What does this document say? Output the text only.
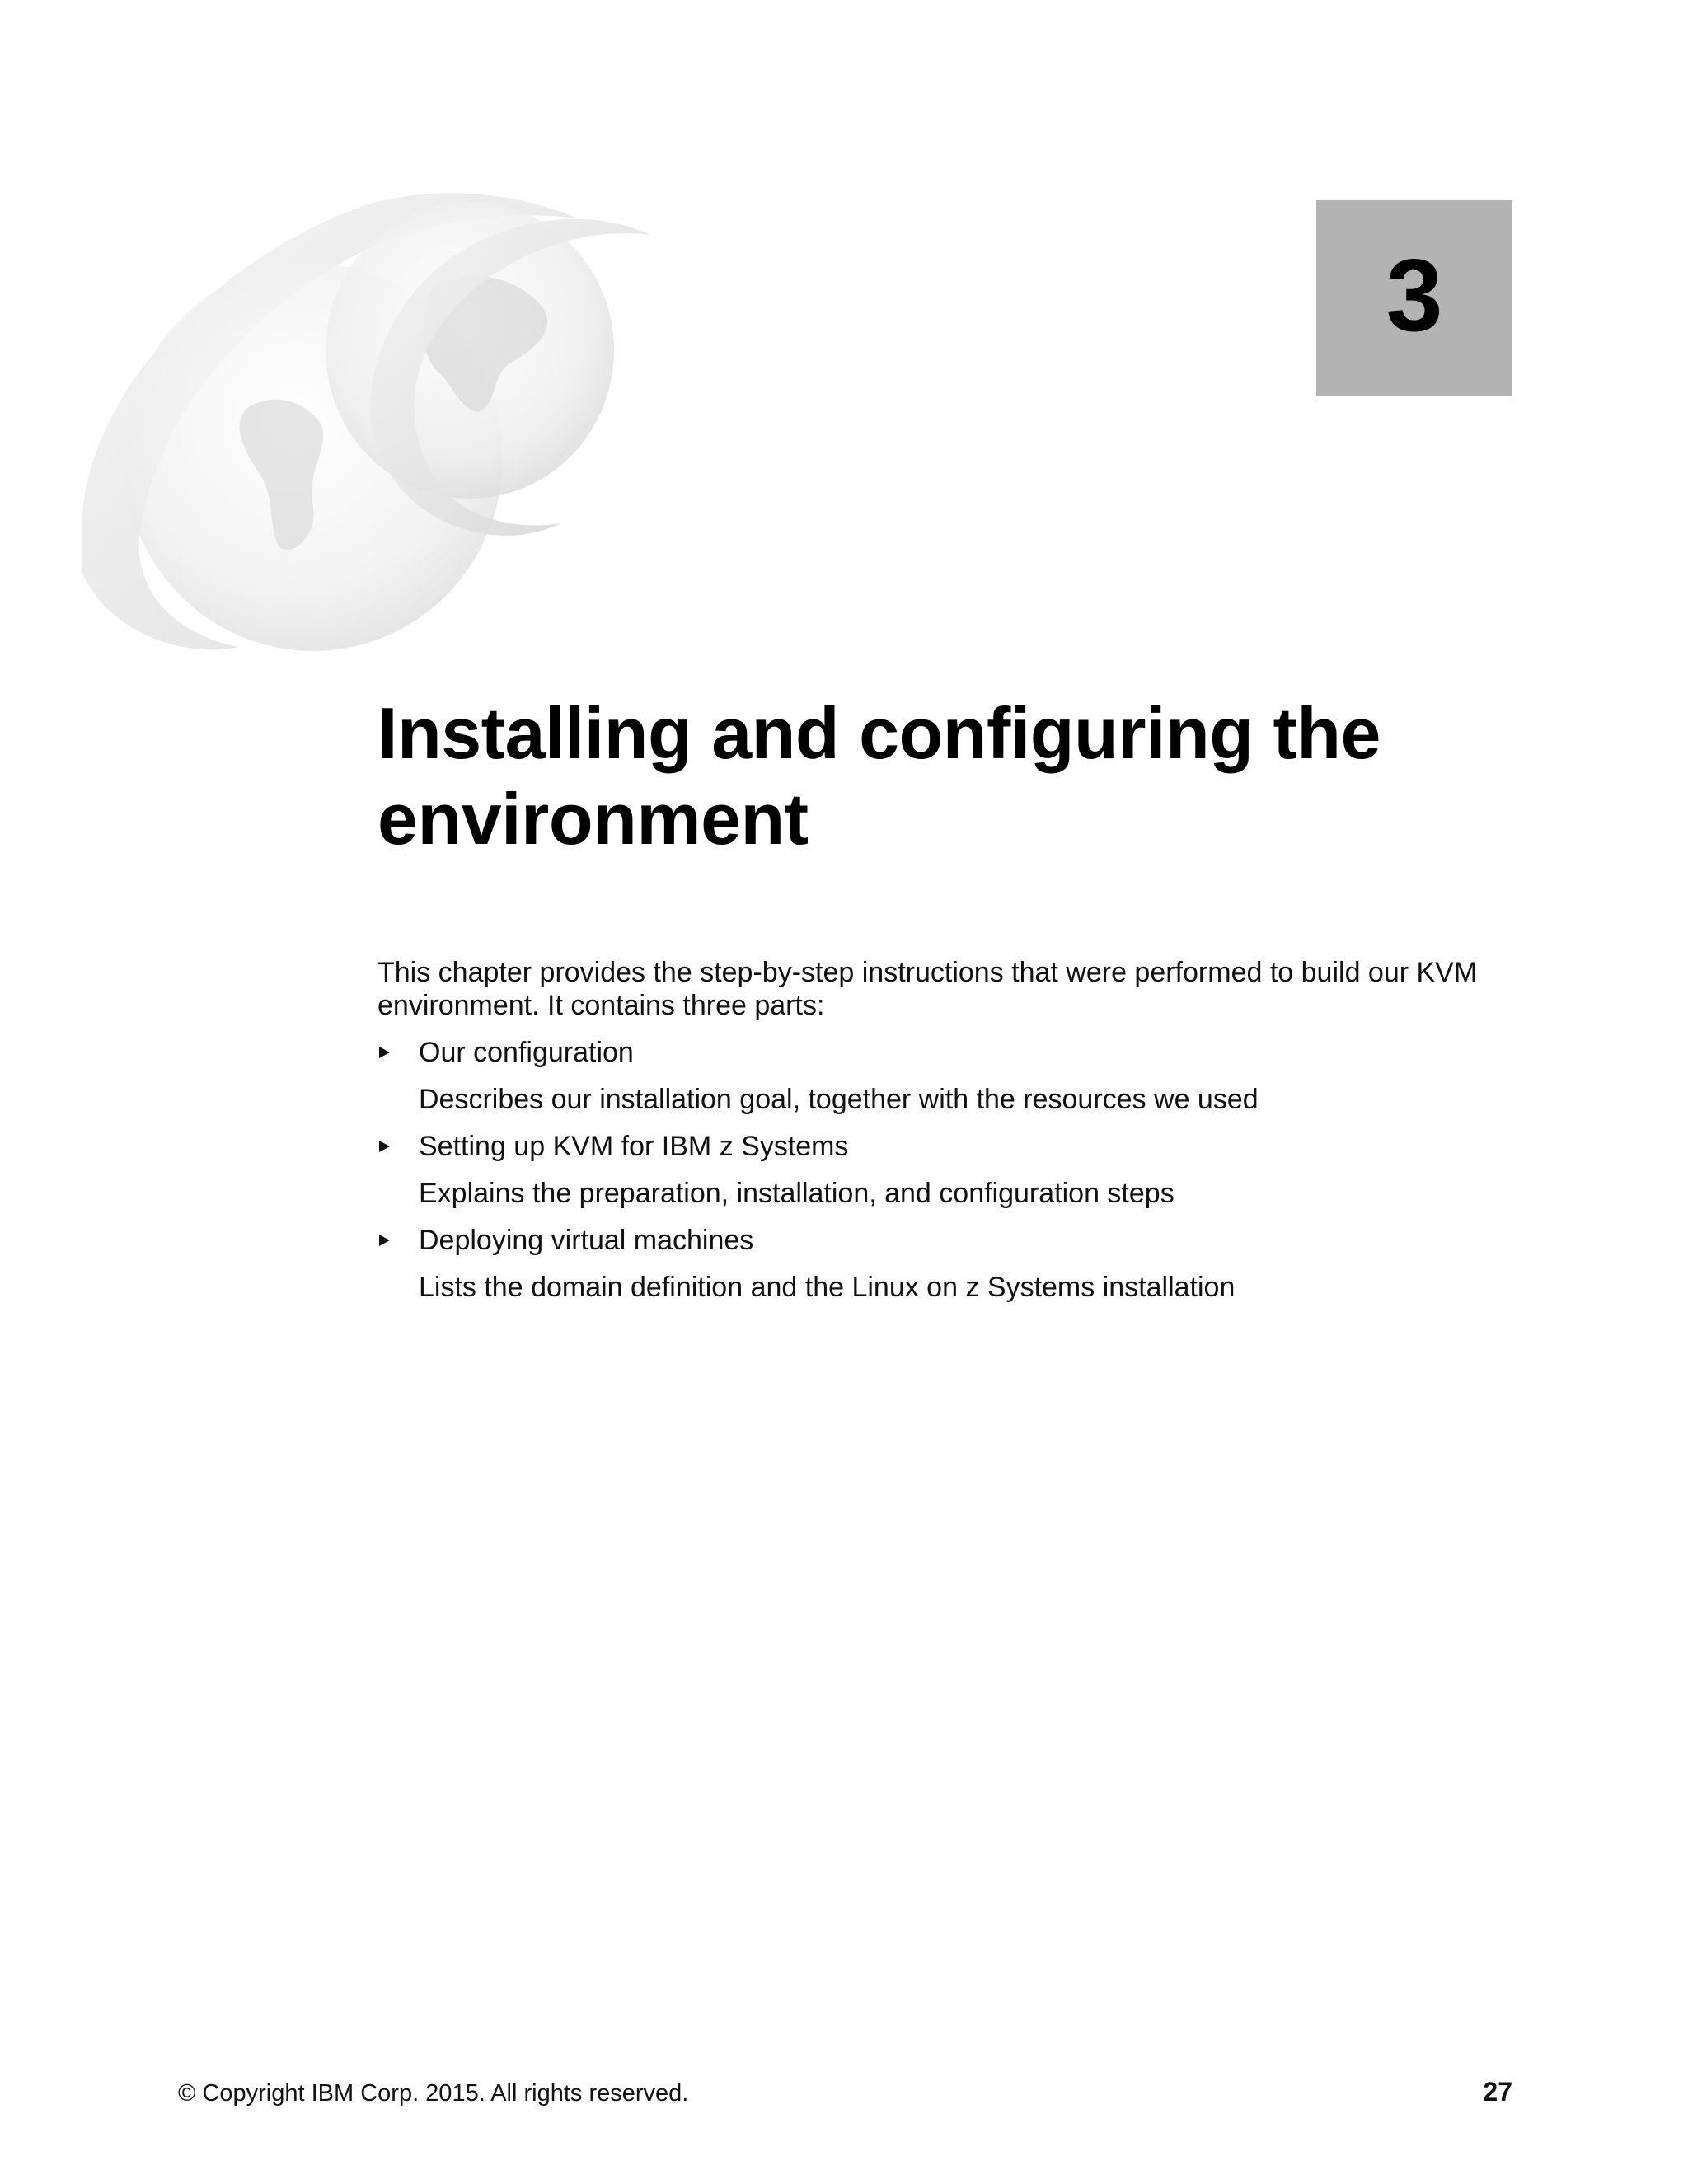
3
Installing and configuring the environment

This chapter provides the step-by-step instructions that were performed to build our KVM environment. It contains three parts:

Our configuration
Describes our installation goal, together with the resources we used
Setting up KVM for IBM z Systems
Explains the preparation, installation, and configuration steps
Deploying virtual machines
Lists the domain definition and the Linux on z Systems installation
© Copyright IBM Corp. 2015. All rights reserved.	27
